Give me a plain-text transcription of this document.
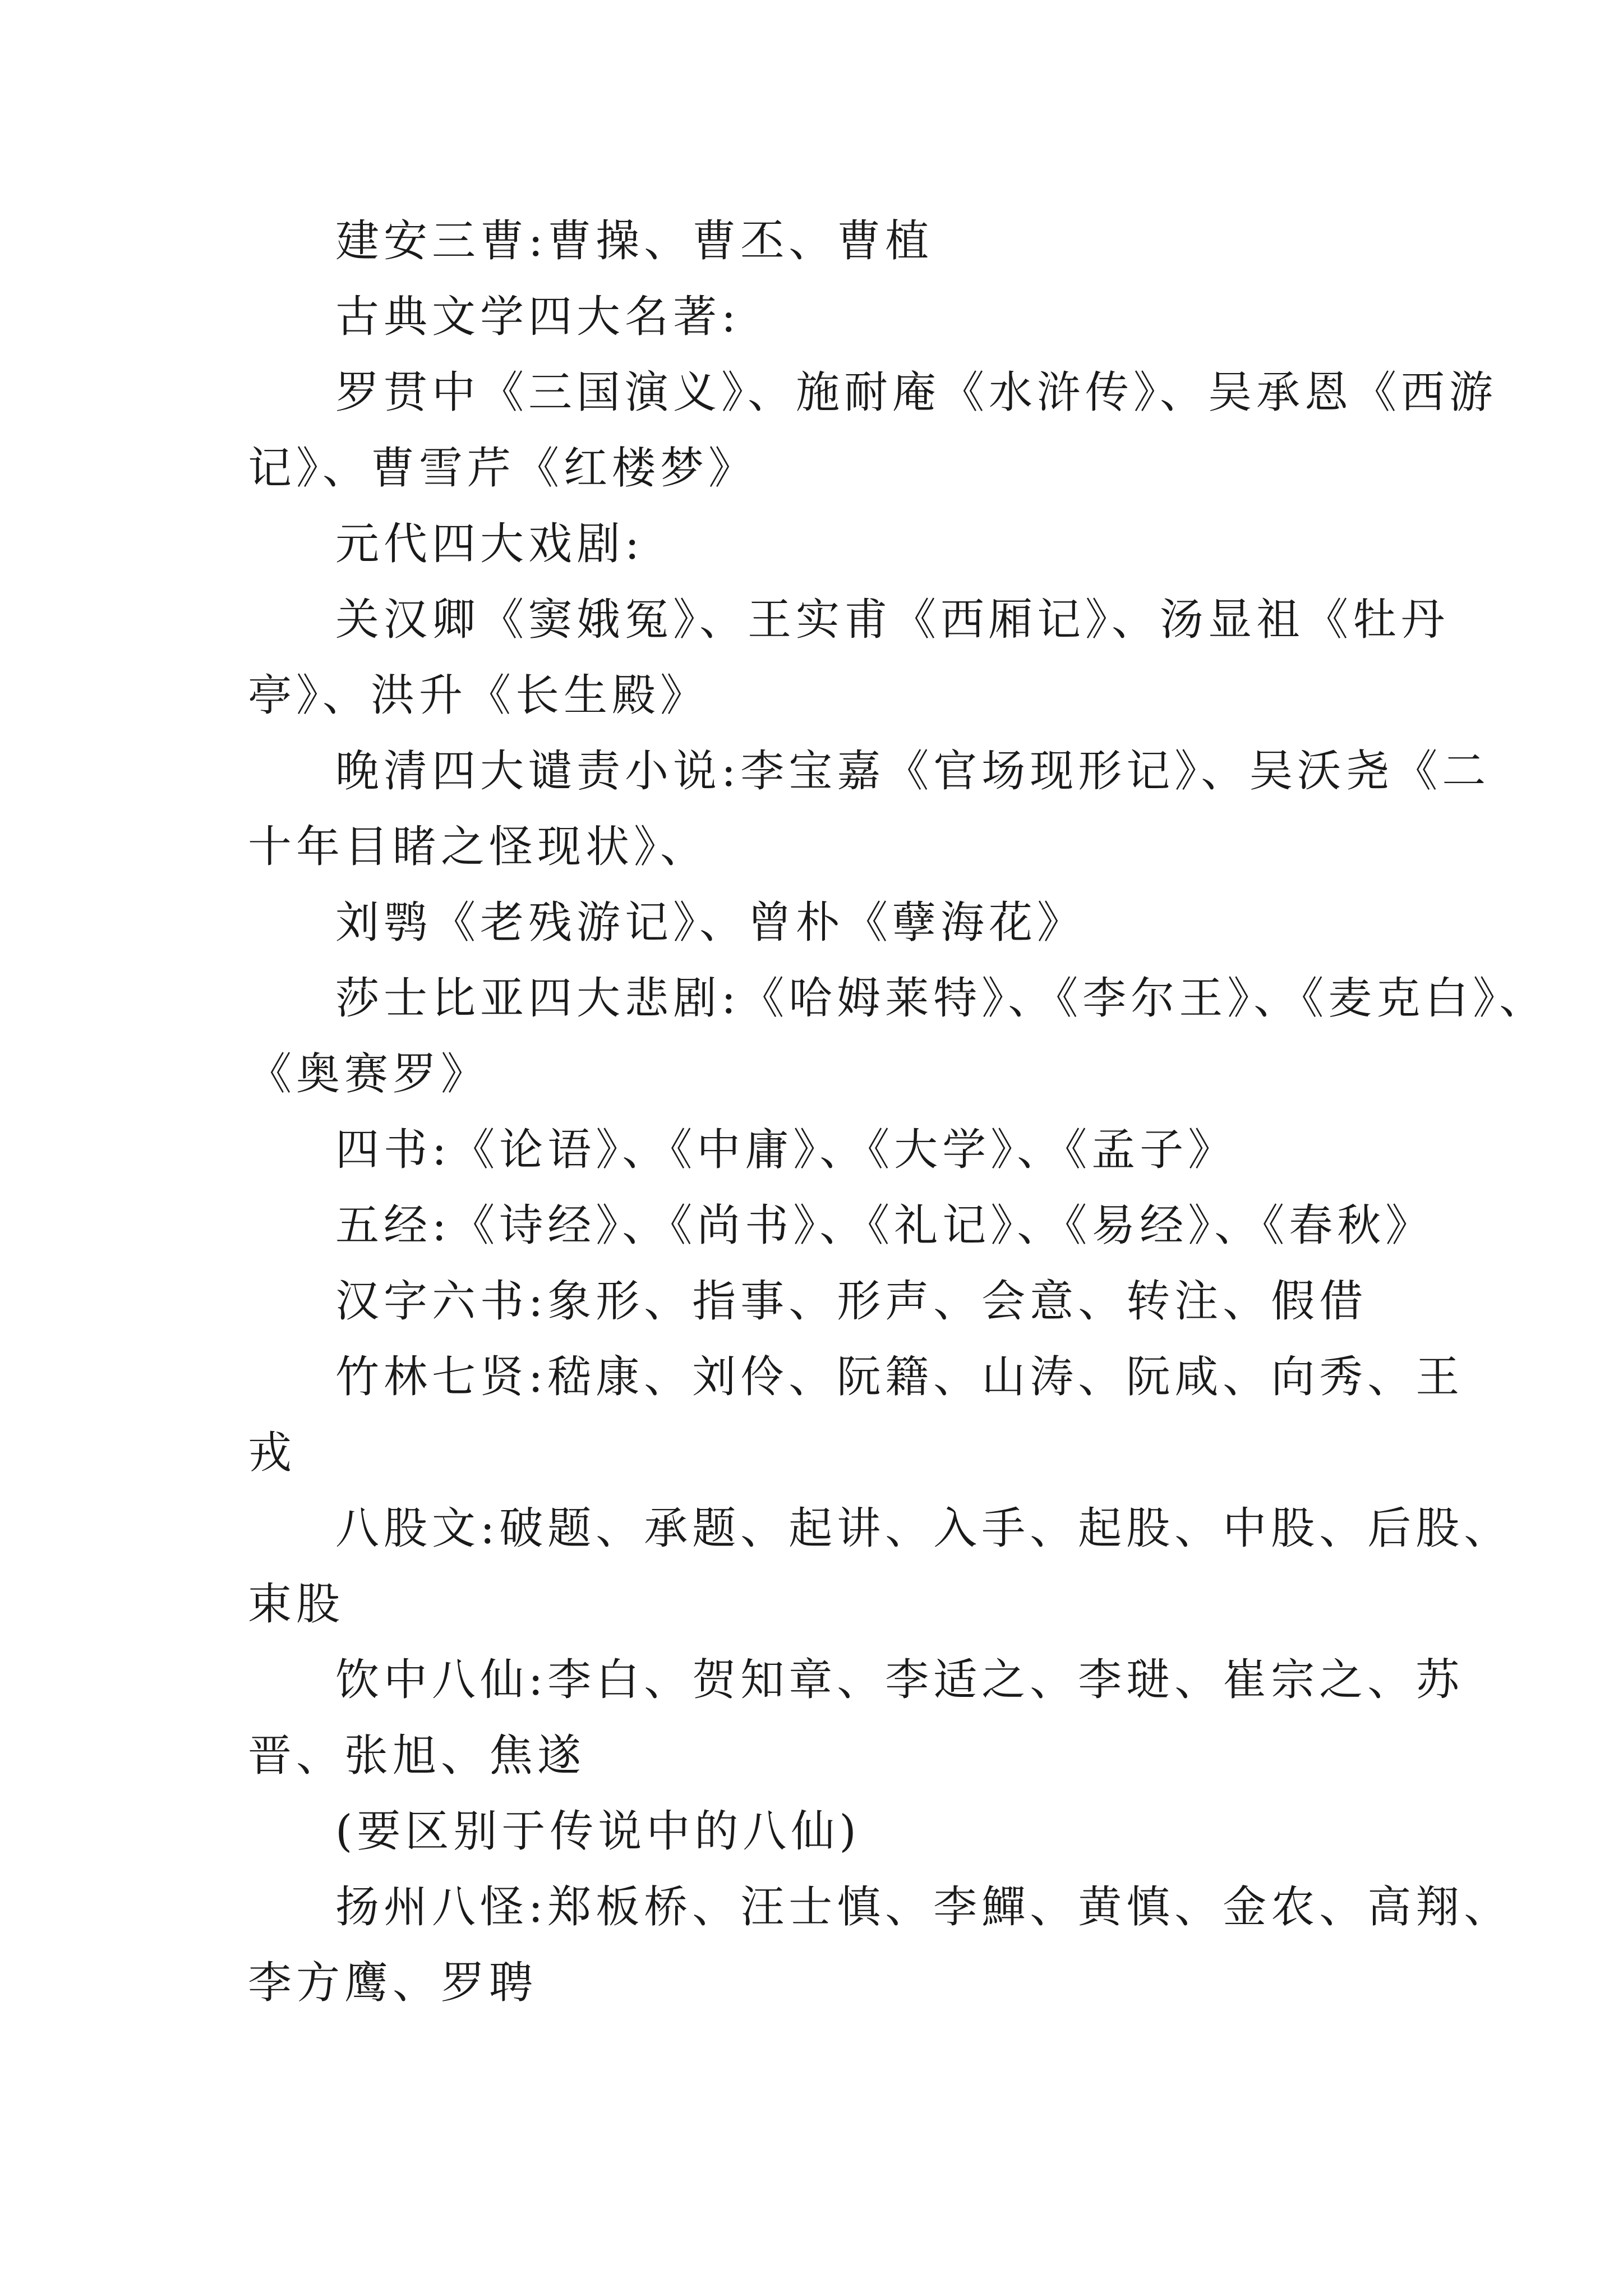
建安三曹:曹操、曹丕、曹植
古典文学四大名著:
罗贯中《三国演义》、施耐庵《水浒传》、吴承恩《西游
记》、曹雪芹《红楼梦》
元代四大戏剧:
关汉卿《窦娥冤》、王实甫《西厢记》、汤显祖《牡丹
亭》、洪升《长生殿》
晚清四大谴责小说:李宝嘉《官场现形记》、吴沃尧《二
十年目睹之怪现状》、
刘鹗《老残游记》、曾朴《孽海花》
莎士比亚四大悲剧:《哈姆莱特》、《李尔王》、《麦克白》、
《奥赛罗》
四书:《论语》、《中庸》、《大学》、《孟子》
五经:《诗经》、《尚书》、《礼记》、《易经》、《春秋》
汉字六书:象形、指事、形声、会意、转注、假借
竹林七贤:嵇康、刘伶、阮籍、山涛、阮咸、向秀、王
戎
八股文:破题、承题、起讲、入手、起股、中股、后股、
束股
饮中八仙:李白、贺知章、李适之、李琎、崔宗之、苏
晋、张旭、焦遂
(要区别于传说中的八仙)
扬州八怪:郑板桥、汪士慎、李鱓、黄慎、金农、高翔、
李方鹰、罗聘
